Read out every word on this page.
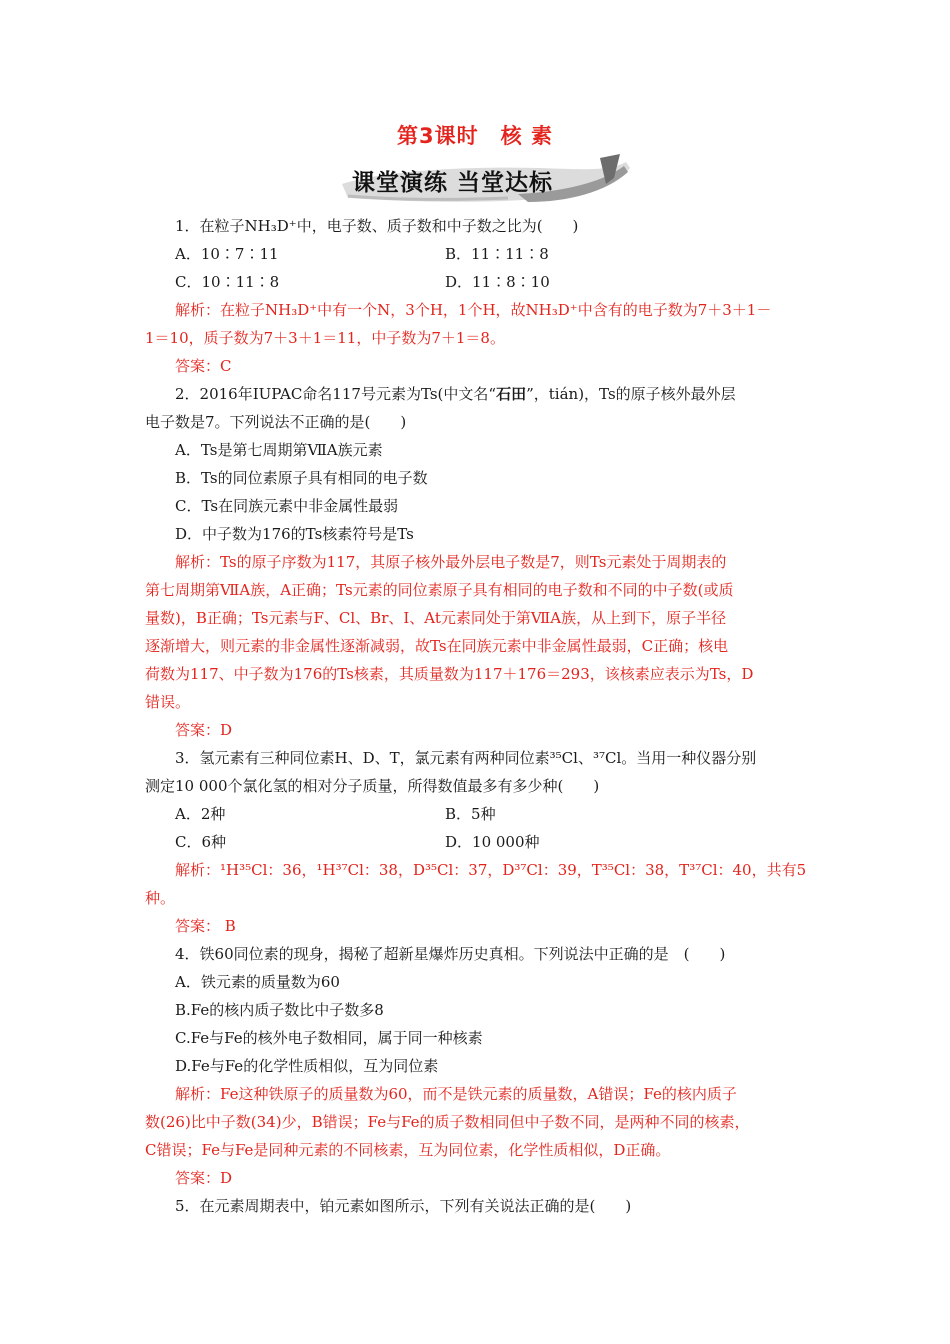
第3课时　核 素
课堂演练 当堂达标
1．在粒子NH₃D⁺中，电子数、质子数和中子数之比为(　　)
A．10∶7∶11	B．11∶11∶8
C．10∶11∶8	D．11∶8∶10
解析：在粒子NH₃D⁺中有一个N，3个H，1个H，故NH₃D⁺中含有的电子数为7＋3＋1－
1＝10，质子数为7＋3＋1＝11，中子数为7＋1＝8。
答案：C
2．2016年IUPAC命名117号元素为Ts(中文名“石田”，tián)，Ts的原子核外最外层
电子数是7。下列说法不正确的是(　　)
A．Ts是第七周期第ⅦA族元素
B．Ts的同位素原子具有相同的电子数
C．Ts在同族元素中非金属性最弱
D．中子数为176的Ts核素符号是Ts
解析：Ts的原子序数为117，其原子核外最外层电子数是7，则Ts元素处于周期表的
第七周期第ⅦA族，A正确；Ts元素的同位素原子具有相同的电子数和不同的中子数(或质
量数)，B正确；Ts元素与F、Cl、Br、I、At元素同处于第ⅦA族，从上到下，原子半径
逐渐增大，则元素的非金属性逐渐减弱，故Ts在同族元素中非金属性最弱，C正确；核电
荷数为117、中子数为176的Ts核素，其质量数为117＋176＝293，该核素应表示为Ts，D
错误。
答案：D
3．氢元素有三种同位素H、D、T，氯元素有两种同位素³⁵Cl、³⁷Cl。当用一种仪器分别
测定10 000个氯化氢的相对分子质量，所得数值最多有多少种(　　)
A．2种	B．5种
C．6种	D．10 000种
解析：¹H³⁵Cl：36，¹H³⁷Cl：38，D³⁵Cl：37，D³⁷Cl：39，T³⁵Cl：38，T³⁷Cl：40，共有5
种。
答案： B
4．铁60同位素的现身，揭秘了超新星爆炸历史真相。下列说法中正确的是　(　　)
A．铁元素的质量数为60
B.Fe的核内质子数比中子数多8
C.Fe与Fe的核外电子数相同，属于同一种核素
D.Fe与Fe的化学性质相似，互为同位素
解析：Fe这种铁原子的质量数为60，而不是铁元素的质量数，A错误；Fe的核内质子
数(26)比中子数(34)少，B错误；Fe与Fe的质子数相同但中子数不同，是两种不同的核素，
C错误；Fe与Fe是同种元素的不同核素，互为同位素，化学性质相似，D正确。
答案：D
5．在元素周期表中，铂元素如图所示，下列有关说法正确的是(　　)
